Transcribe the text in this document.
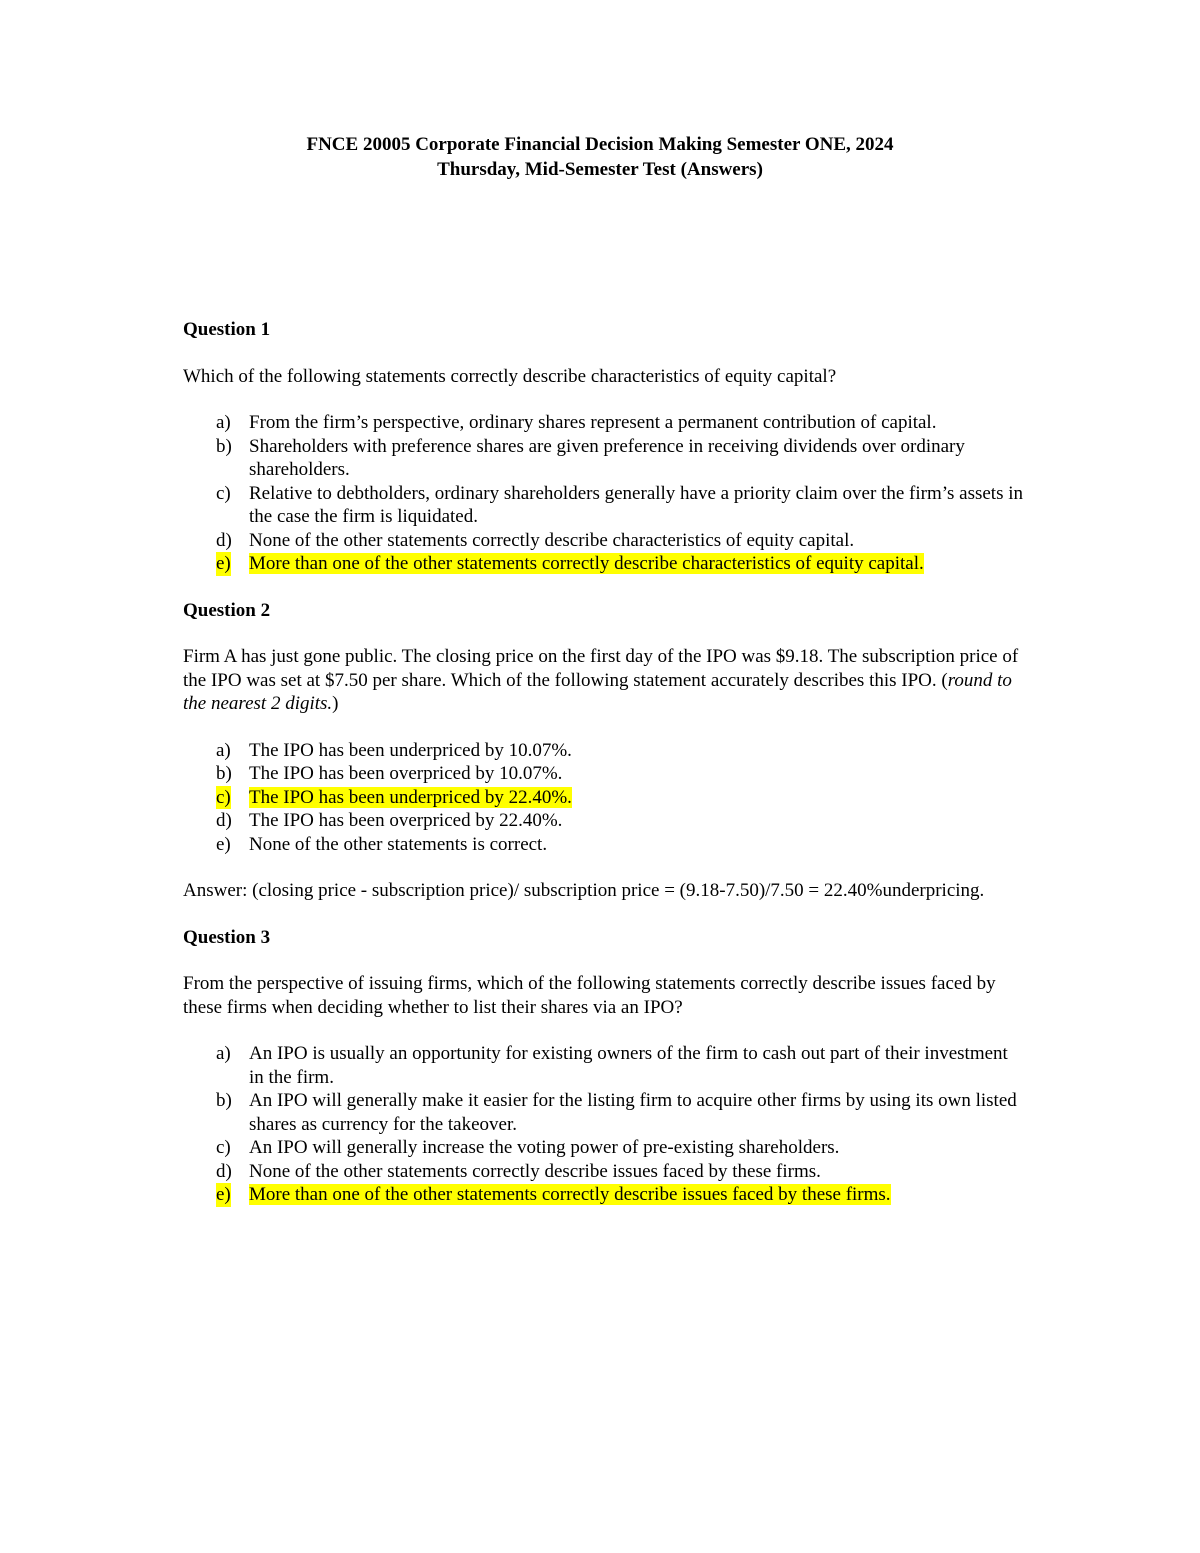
FNCE 20005 Corporate Financial Decision Making Semester ONE, 2024
Thursday, Mid-Semester Test (Answers)

Question 1

Which of the following statements correctly describe characteristics of equity capital?

a) From the firm’s perspective, ordinary shares represent a permanent contribution of capital.
b) Shareholders with preference shares are given preference in receiving dividends over ordinary shareholders.
c) Relative to debtholders, ordinary shareholders generally have a priority claim over the firm’s assets in the case the firm is liquidated.
d) None of the other statements correctly describe characteristics of equity capital.
e) More than one of the other statements correctly describe characteristics of equity capital.

Question 2

Firm A has just gone public. The closing price on the first day of the IPO was $9.18. The subscription price of the IPO was set at $7.50 per share. Which of the following statement accurately describes this IPO. (round to the nearest 2 digits.)

a) The IPO has been underpriced by 10.07%.
b) The IPO has been overpriced by 10.07%.
c) The IPO has been underpriced by 22.40%.
d) The IPO has been overpriced by 22.40%.
e) None of the other statements is correct.

Answer: (closing price - subscription price)/ subscription price = (9.18-7.50)/7.50 = 22.40%underpricing.

Question 3

From the perspective of issuing firms, which of the following statements correctly describe issues faced by these firms when deciding whether to list their shares via an IPO?

a) An IPO is usually an opportunity for existing owners of the firm to cash out part of their investment in the firm.
b) An IPO will generally make it easier for the listing firm to acquire other firms by using its own listed shares as currency for the takeover.
c) An IPO will generally increase the voting power of pre-existing shareholders.
d) None of the other statements correctly describe issues faced by these firms.
e) More than one of the other statements correctly describe issues faced by these firms.
